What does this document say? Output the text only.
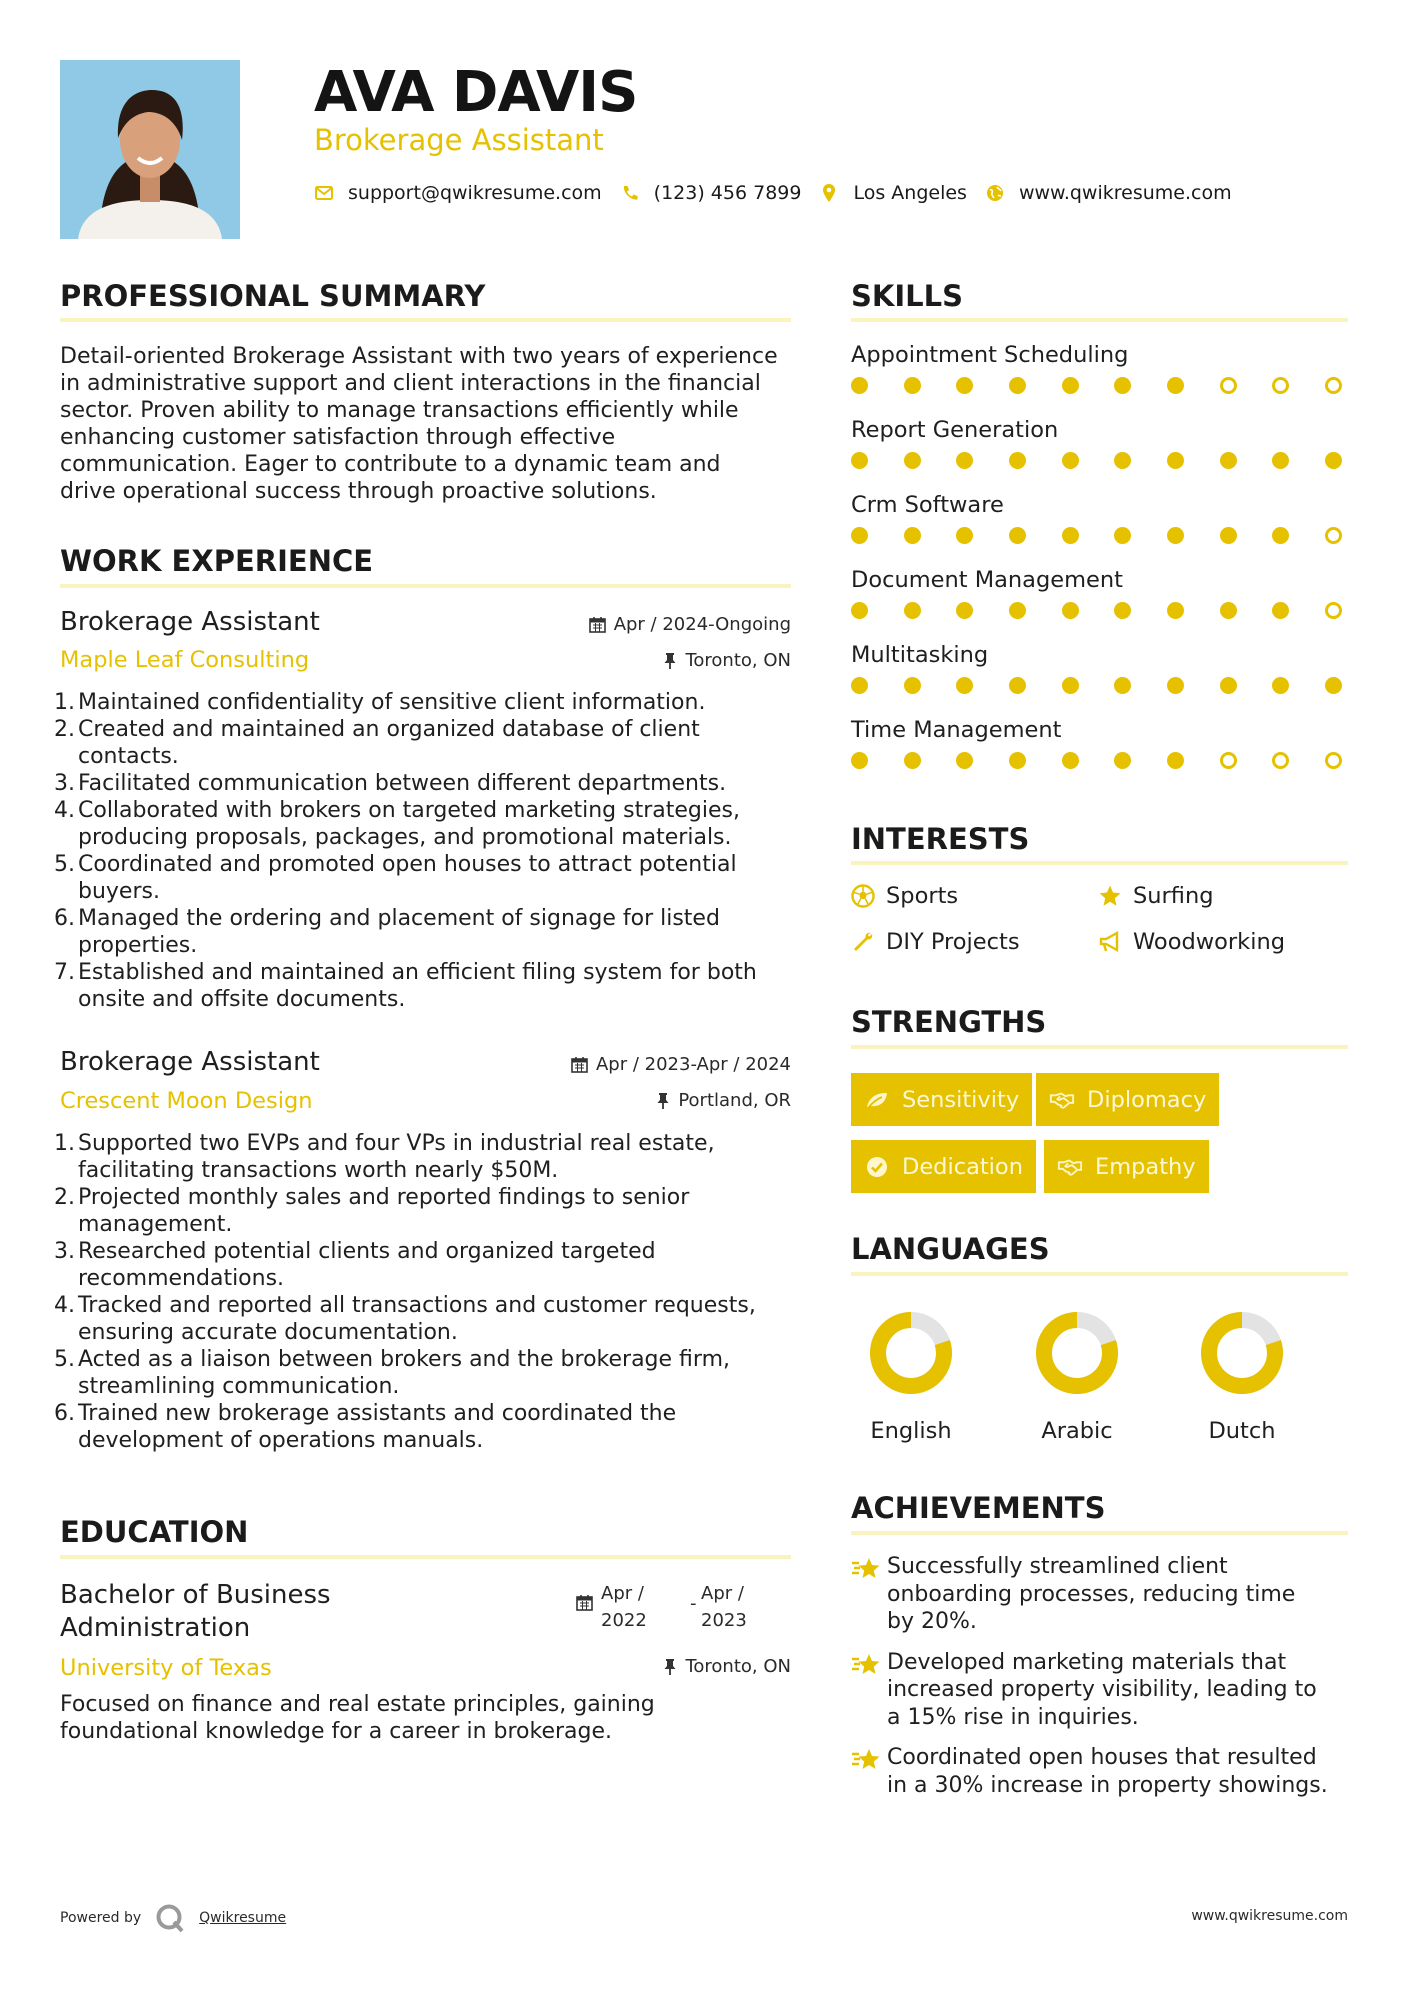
AVA DAVIS
Brokerage Assistant
support@qwikresume.com	(123) 456 7899	Los Angeles	www.qwikresume.com
PROFESSIONAL SUMMARY
Detail-oriented Brokerage Assistant with two years of experience
in administrative support and client interactions in the financial
sector. Proven ability to manage transactions efficiently while
enhancing customer satisfaction through effective
communication. Eager to contribute to a dynamic team and
drive operational success through proactive solutions.
WORK EXPERIENCE
Brokerage Assistant	Apr / 2024-Ongoing
Maple Leaf Consulting	Toronto, ON
1. Maintained confidentiality of sensitive client information.
2. Created and maintained an organized database of client
contacts.
3. Facilitated communication between different departments.
4. Collaborated with brokers on targeted marketing strategies,
producing proposals, packages, and promotional materials.
5. Coordinated and promoted open houses to attract potential
buyers.
6. Managed the ordering and placement of signage for listed
properties.
7. Established and maintained an efficient filing system for both
onsite and offsite documents.
Brokerage Assistant	Apr / 2023-Apr / 2024
Crescent Moon Design	Portland, OR
1. Supported two EVPs and four VPs in industrial real estate,
facilitating transactions worth nearly $50M.
2. Projected monthly sales and reported findings to senior
management.
3. Researched potential clients and organized targeted
recommendations.
4. Tracked and reported all transactions and customer requests,
ensuring accurate documentation.
5. Acted as a liaison between brokers and the brokerage firm,
streamlining communication.
6. Trained new brokerage assistants and coordinated the
development of operations manuals.
EDUCATION
Bachelor of Business
Administration
Apr /
2022
- Apr /
2023
University of Texas	Toronto, ON
Focused on finance and real estate principles, gaining
foundational knowledge for a career in brokerage.
SKILLS
Appointment Scheduling
Report Generation
Crm Software
Document Management
Multitasking
Time Management
INTERESTS
Sports	Surfing
DIY Projects	Woodworking
STRENGTHS
Sensitivity	Diplomacy
Dedication	Empathy
LANGUAGES
English	Arabic	Dutch
ACHIEVEMENTS
Successfully streamlined client
onboarding processes, reducing time
by 20%.
Developed marketing materials that
increased property visibility, leading to
a 15% rise in inquiries.
Coordinated open houses that resulted
in a 30% increase in property showings.
Powered by	Qwikresume	www.qwikresume.com
